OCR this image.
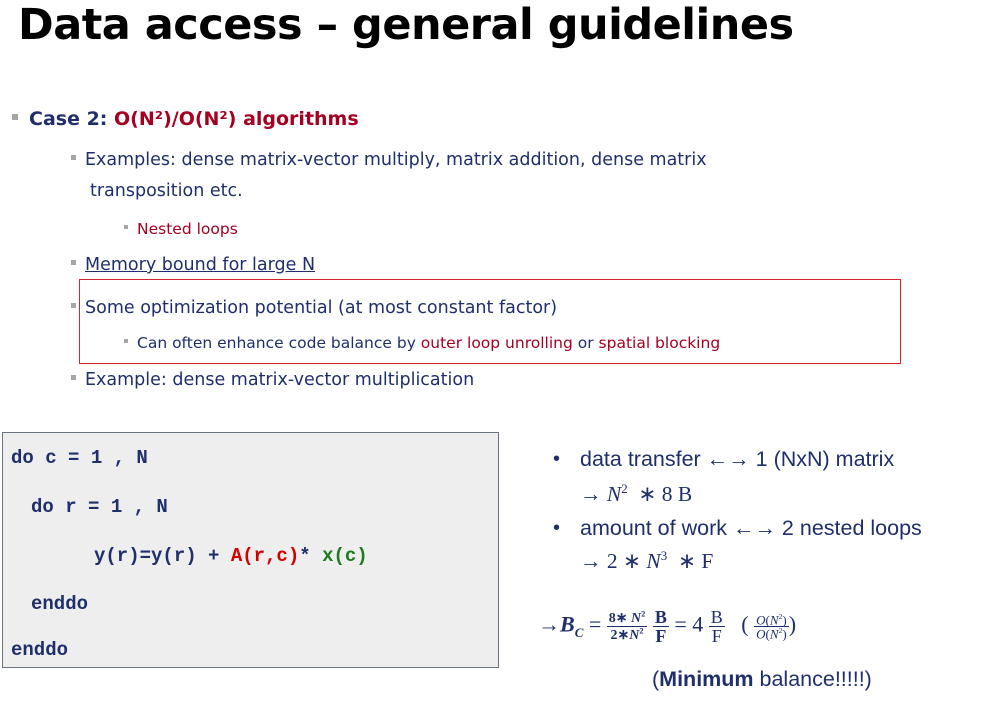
Data access – general guidelines
Case 2: O(N²)/O(N²) algorithms
Examples: dense matrix-vector multiply, matrix addition, dense matrix
transposition etc.
Nested loops
Memory bound for large N
Some optimization potential (at most constant factor)
Can often enhance code balance by outer loop unrolling or spatial blocking
Example: dense matrix-vector multiplication
do c = 1 , N
do r = 1 , N
y(r)=y(r) + A(r,c)* x(c)
enddo
enddo
• data transfer ←→ 1 (NxN) matrix
→ $N^2$  ∗ 8 B
• amount of work ←→ 2 nested loops
→ 2 ∗ $N^3$  ∗ F
$\to B_C = \frac{8∗ N^2}{2∗N^2}$
$\frac{B}{F} = 4 \frac{B}{F}$ ( $\frac{O(N^2)}{O(N^2)}$ )
(Minimum balance!!!!!)
